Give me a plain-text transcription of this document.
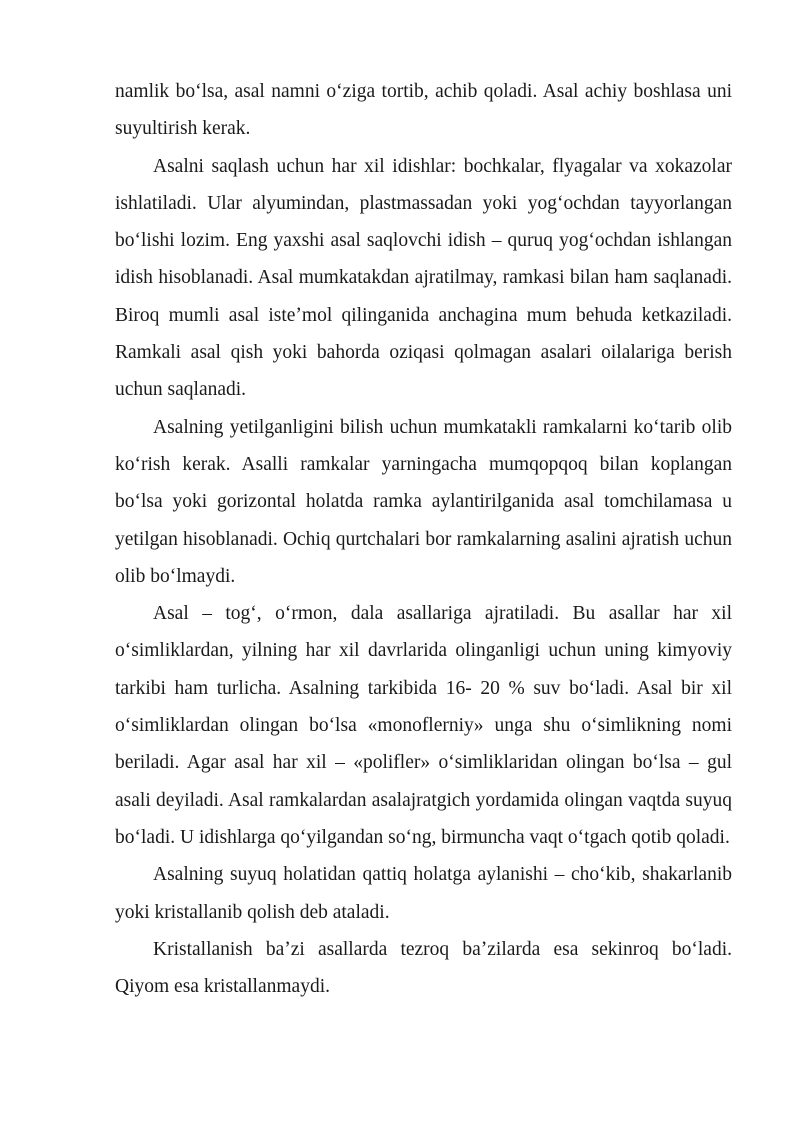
namlik boʻlsa, asal namni oʻziga tortib, achib qoladi. Asal achiy boshlasa uni suyultirish kerak.

Asalni saqlash uchun har xil idishlar: bochkalar, flyagalar va xokazolar ishlatiladi. Ular alyumindan, plastmassadan yoki yogʻochdan tayyorlangan boʻlishi lozim. Eng yaxshi asal saqlovchi idish – quruq yogʻochdan ishlangan idish hisoblanadi. Asal mumkatakdan ajratilmay, ramkasi bilan ham saqlanadi. Biroq mumli asal isteʼmol qilinganida anchagina mum behuda ketkaziladi. Ramkali asal qish yoki bahorda oziqasi qolmagan asalari oilalariga berish uchun saqlanadi.

Asalning yetilganligini bilish uchun mumkatakli ramkalarni koʻtarib olib koʻrish kerak. Asalli ramkalar yarningacha mumqopqoq bilan koplangan boʻlsa yoki gorizontal holatda ramka aylantirilganida asal tomchilamasa u yetilgan hisoblanadi. Ochiq qurtchalari bor ramkalarning asalini ajratish uchun olib boʻlmaydi.

Asal – togʻ, oʻrmon, dala asallariga ajratiladi. Bu asallar har xil oʻsimliklardan, yilning har xil davrlarida olinganligi uchun uning kimyoviy tarkibi ham turlicha. Asalning tarkibida 16- 20 % suv boʻladi. Asal bir xil oʻsimliklardan olingan boʻlsa «monoflerniy» unga shu oʻsimlikning nomi beriladi. Agar asal har xil – «polifler» oʻsimliklaridan olingan boʻlsa – gul asali deyiladi. Asal ramkalardan asalajratgich yordamida olingan vaqtda suyuq boʻladi. U idishlarga qoʻyilgandan soʻng, birmuncha vaqt oʻtgach qotib qoladi.

Asalning suyuq holatidan qattiq holatga aylanishi – choʻkib, shakarlanib yoki kristallanib qolish deb ataladi.

Kristallanish baʼzi asallarda tezroq baʼzilarda esa sekinroq boʻladi. Qiyom esa kristallanmaydi.
